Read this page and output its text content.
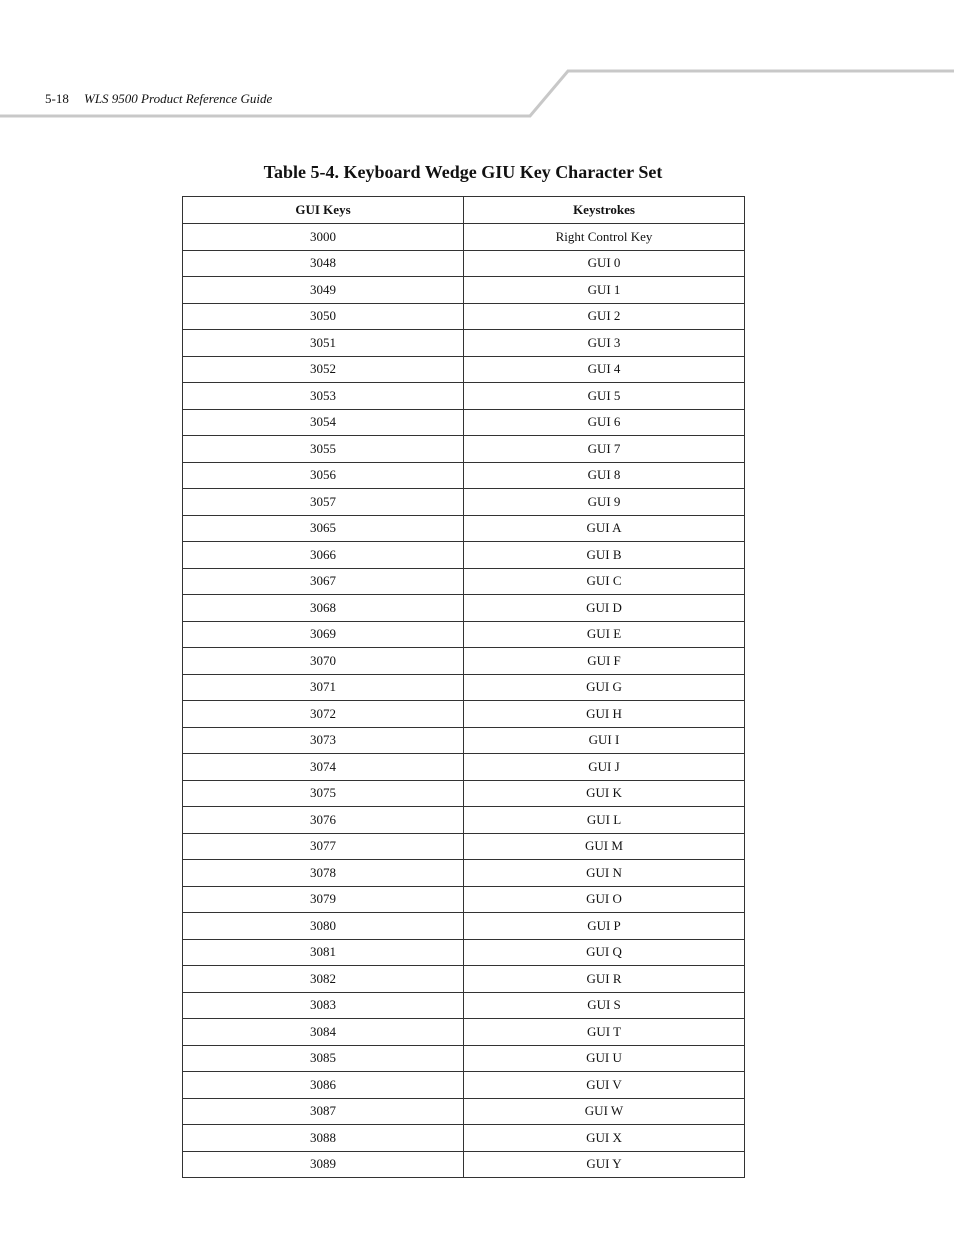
5-18 WLS 9500 Product Reference Guide
Table 5-4. Keyboard Wedge GIU Key Character Set
GUI Keys	Keystrokes
3000	Right Control Key
3048	GUI 0
3049	GUI 1
3050	GUI 2
3051	GUI 3
3052	GUI 4
3053	GUI 5
3054	GUI 6
3055	GUI 7
3056	GUI 8
3057	GUI 9
3065	GUI A
3066	GUI B
3067	GUI C
3068	GUI D
3069	GUI E
3070	GUI F
3071	GUI G
3072	GUI H
3073	GUI I
3074	GUI J
3075	GUI K
3076	GUI L
3077	GUI M
3078	GUI N
3079	GUI O
3080	GUI P
3081	GUI Q
3082	GUI R
3083	GUI S
3084	GUI T
3085	GUI U
3086	GUI V
3087	GUI W
3088	GUI X
3089	GUI Y
